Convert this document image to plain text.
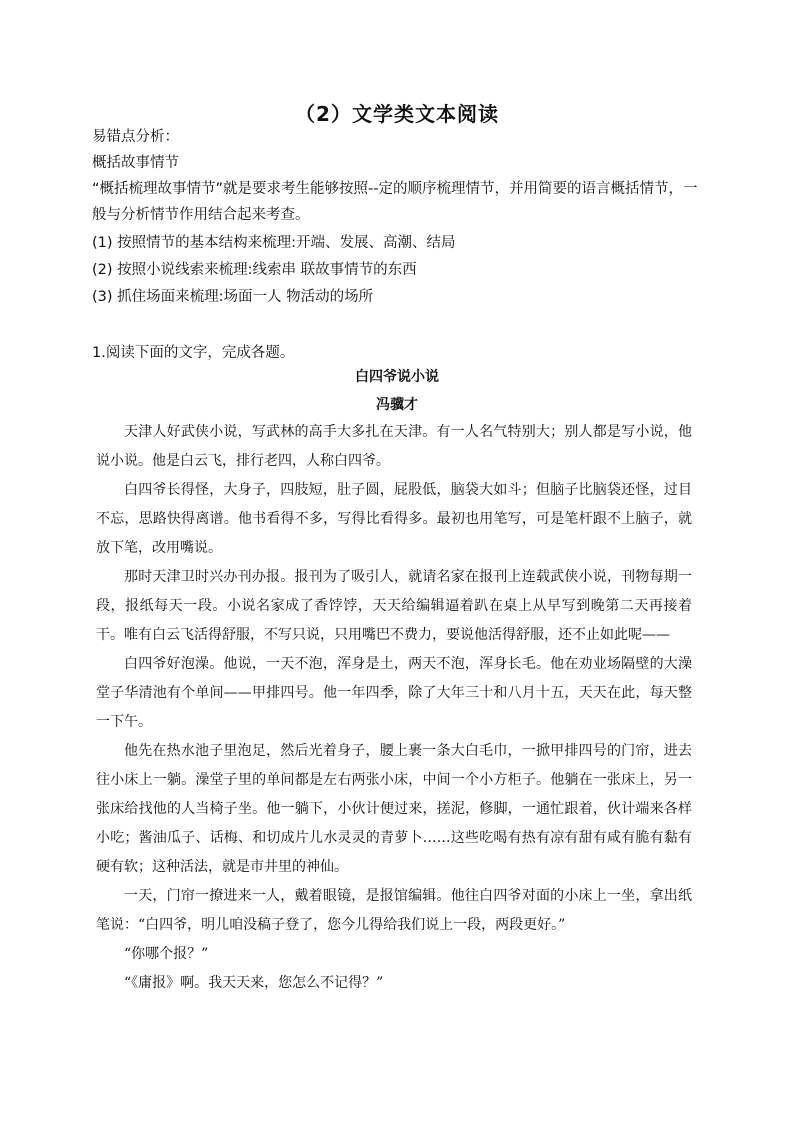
（2）文学类文本阅读
易错点分析：
概括故事情节
“概括梳理故事情节”就是要求考生能够按照--定的顺序梳理情节，并用简要的语言概括情节，一般与分析情节作用结合起来考查。
(1) 按照情节的基本结构来梳理:开端、发展、高潮、结局
(2) 按照小说线索来梳理:线索串 联故事情节的东西
(3) 抓住场面来梳理:场面一人 物活动的场所
1.阅读下面的文字，完成各题。
白四爷说小说
冯骥才

天津人好武侠小说，写武林的高手大多扎在天津。有一人名气特别大；别人都是写小说，他说小说。他是白云飞，排行老四，人称白四爷。

白四爷长得怪，大身子，四肢短，肚子圆，屁股低，脑袋大如斗；但脑子比脑袋还怪，过目不忘，思路快得离谱。他书看得不多，写得比看得多。最初也用笔写，可是笔杆跟不上脑子，就放下笔，改用嘴说。

那时天津卫时兴办刊办报。报刊为了吸引人，就请名家在报刊上连载武侠小说，刊物每期一段，报纸每天一段。小说名家成了香饽饽，天天给编辑逼着趴在桌上从早写到晚第二天再接着干。唯有白云飞活得舒服，不写只说，只用嘴巴不费力，要说他活得舒服，还不止如此呢——

白四爷好泡澡。他说，一天不泡，浑身是土，两天不泡，浑身长毛。他在劝业场隔壁的大澡堂子华清池有个单间——甲排四号。他一年四季，除了大年三十和八月十五，天天在此，每天整一下午。

他先在热水池子里泡足，然后光着身子，腰上裹一条大白毛巾，一掀甲排四号的门帘，进去往小床上一躺。澡堂子里的单间都是左右两张小床，中间一个小方柜子。他躺在一张床上，另一张床给找他的人当椅子坐。他一躺下，小伙计便过来，搓泥，修脚，一通忙跟着，伙计端来各样小吃；酱油瓜子、话梅、和切成片儿水灵灵的青萝卜……这些吃喝有热有凉有甜有咸有脆有黏有硬有软；这种活法，就是市井里的神仙。

一天，门帘一撩进来一人，戴着眼镜，是报馆编辑。他往白四爷对面的小床上一坐，拿出纸笔说：“白四爷，明儿咱没稿子登了，您今儿得给我们说上一段，两段更好。”

“你哪个报？”

“《庸报》啊。我天天来，您怎么不记得？”
